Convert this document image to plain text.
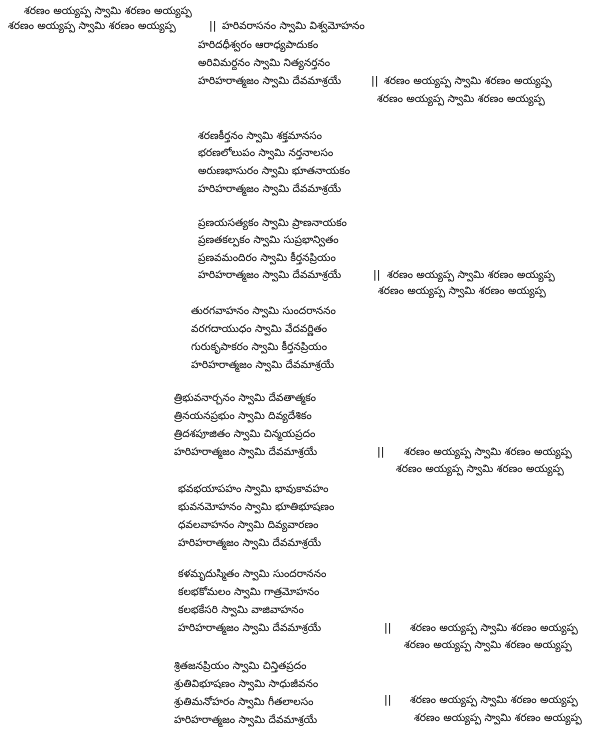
శరణం అయ్యప్ప స్వామి శరణం అయ్యప్ప
శరణం అయ్యప్ప స్వామి శరణం అయ్యప్ప	|| హరివరాసనం స్వామి విశ్వమోహనం
హరిదధీశ్వరం ఆరాధ్యపాదుకం
అరివిమర్దనం స్వామి నిత్యనర్తనం
హరిహరాత్మజం స్వామి దేవమాశ్రయే	|| శరణం అయ్యప్ప స్వామి శరణం అయ్యప్ప
శరణం అయ్యప్ప స్వామి శరణం అయ్యప్ప
శరణకీర్తనం స్వామి శక్తమానసం
భరణలోలుపం స్వామి నర్తనాలసం
అరుణభాసురం స్వామి భూతనాయకం
హరిహరాత్మజం స్వామి దేవమాశ్రయే
ప్రణయసత్యకం స్వామి ప్రాణనాయకం
ప్రణతకల్పకం స్వామి సుప్రభాన్వితం
ప్రణవమందిరం స్వామి కీర్తనప్రియం
హరిహరాత్మజం స్వామి దేవమాశ్రయే	|| శరణం అయ్యప్ప స్వామి శరణం అయ్యప్ప
శరణం అయ్యప్ప స్వామి శరణం అయ్యప్ప
తురగవాహనం స్వామి సుందరాననం
వరగదాయుధం స్వామి వేదవర్ణితం
గురుకృపాకరం స్వామి కీర్తనప్రియం
హరిహరాత్మజం స్వామి దేవమాశ్రయే
త్రిభువనార్చనం స్వామి దేవతాత్మకం
త్రినయనప్రభుం స్వామి దివ్యదేశికం
త్రిదశపూజితం స్వామి చిన్మయప్రదం
హరిహరాత్మజం స్వామి దేవమాశ్రయే	|| శరణం అయ్యప్ప స్వామి శరణం అయ్యప్ప
శరణం అయ్యప్ప స్వామి శరణం అయ్యప్ప
భవభయాపహం స్వామి భావుకావహం
భువనమోహనం స్వామి భూతిభూషణం
ధవలవాహనం స్వామి దివ్యవారణం
హరిహరాత్మజం స్వామి దేవమాశ్రయే
కళమృదుస్మితం స్వామి సుందరాననం
కలభకోమలం స్వామి గాత్రమోహనం
కలభకేసరి స్వామి వాజివాహనం
హరిహరాత్మజం స్వామి దేవమాశ్రయే	|| శరణం అయ్యప్ప స్వామి శరణం అయ్యప్ప
శరణం అయ్యప్ప స్వామి శరణం అయ్యప్ప
శ్రితజనప్రియం స్వామి చిన్తితప్రదం
శ్రుతివిభూషణం స్వామి సాధుజీవనం
శ్రుతిమనోహరం స్వామి గీతలాలసం
హరిహరాత్మజం స్వామి దేవమాశ్రయే
|| శరణం అయ్యప్ప స్వామి శరణం అయ్యప్ప
శరణం అయ్యప్ప స్వామి శరణం అయ్యప్ప
